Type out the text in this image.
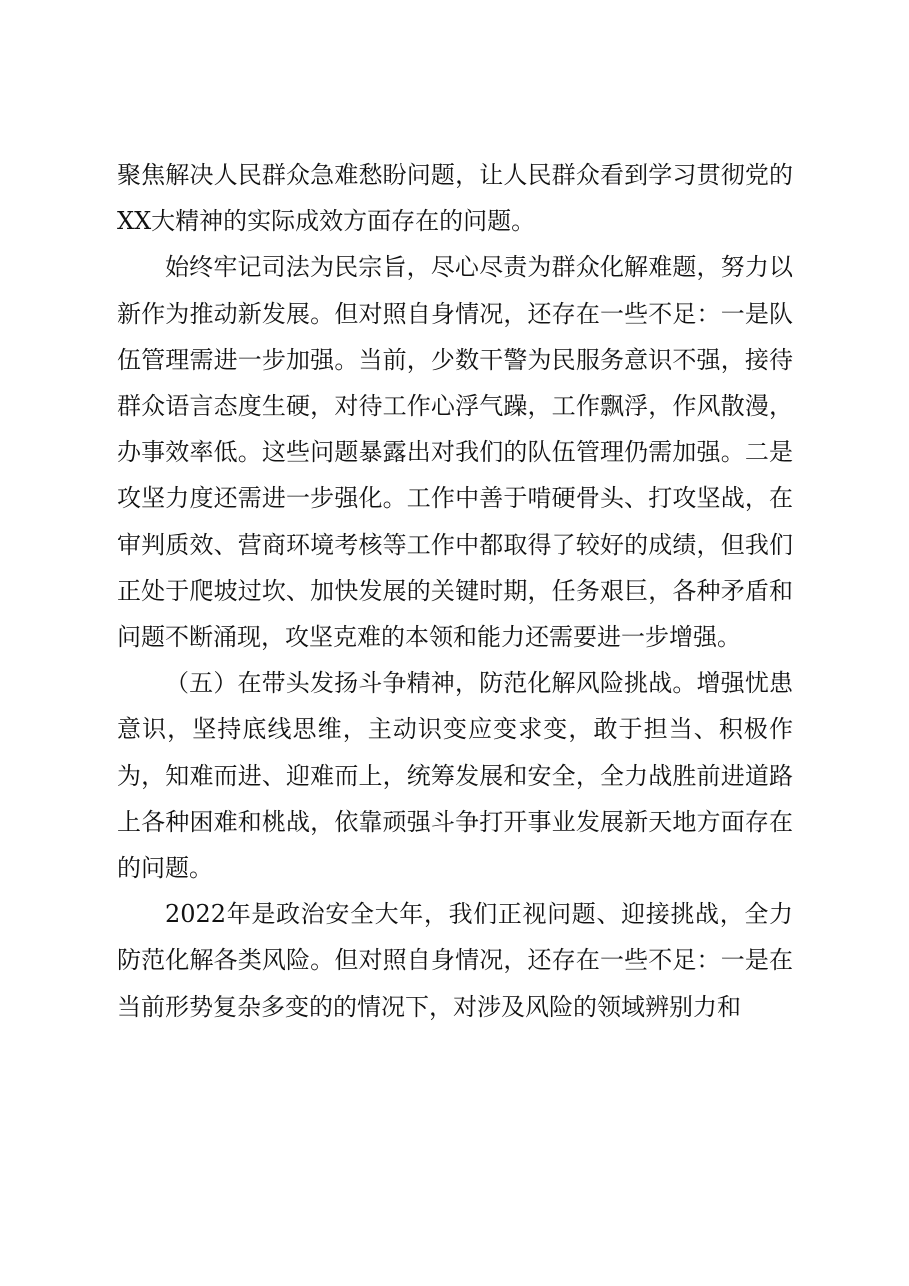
聚焦解决人民群众急难愁盼问题，让人民群众看到学习贯彻党的XX大精神的实际成效方面存在的问题。

始终牢记司法为民宗旨，尽心尽责为群众化解难题，努力以新作为推动新发展。但对照自身情况，还存在一些不足：一是队伍管理需进一步加强。当前，少数干警为民服务意识不强，接待群众语言态度生硬，对待工作心浮气躁，工作飘浮，作风散漫，办事效率低。这些问题暴露出对我们的队伍管理仍需加强。二是攻坚力度还需进一步强化。工作中善于啃硬骨头、打攻坚战，在审判质效、营商环境考核等工作中都取得了较好的成绩，但我们正处于爬坡过坎、加快发展的关键时期，任务艰巨，各种矛盾和问题不断涌现，攻坚克难的本领和能力还需要进一步增强。

（五）在带头发扬斗争精神，防范化解风险挑战。增强忧患意识，坚持底线思维，主动识变应变求变，敢于担当、积极作为，知难而进、迎难而上，统筹发展和安全，全力战胜前进道路上各种困难和桃战，依靠顽强斗争打开事业发展新天地方面存在的问题。

2022年是政治安全大年，我们正视问题、迎接挑战，全力防范化解各类风险。但对照自身情况，还存在一些不足：一是在当前形势复杂多变的的情况下，对涉及风险的领域辨别力和
